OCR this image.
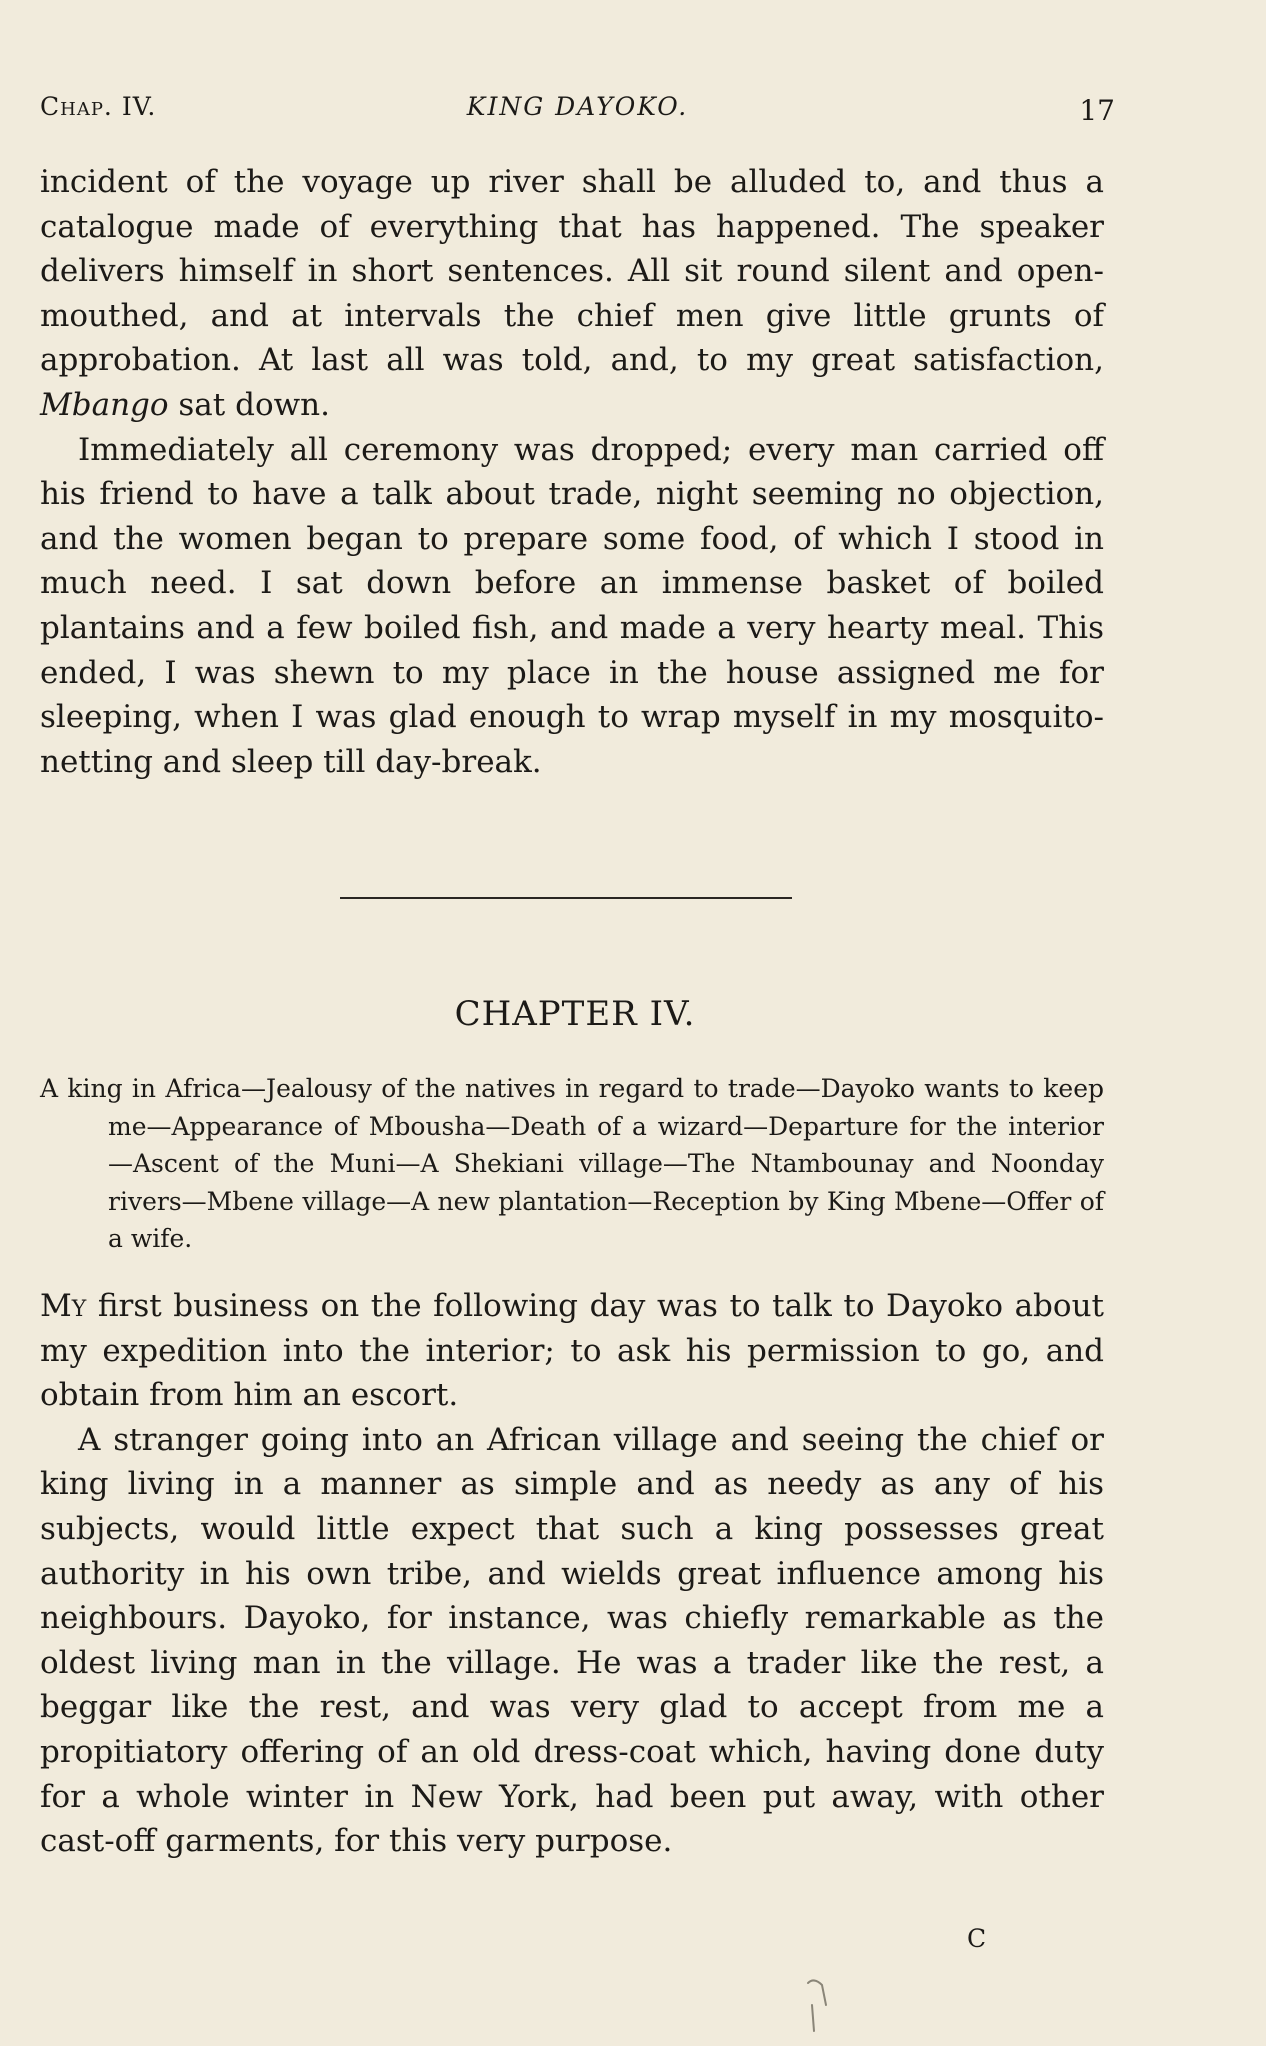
Chap. IV.	KING DAYOKO.	17

incident of the voyage up river shall be alluded to, and thus a catalogue made of everything that has happened. The speaker delivers himself in short sentences. All sit round silent and open-mouthed, and at intervals the chief men give little grunts of approbation. At last all was told, and, to my great satisfaction, Mbango sat down.

Immediately all ceremony was dropped; every man carried off his friend to have a talk about trade, night seeming no objection, and the women began to prepare some food, of which I stood in much need. I sat down before an immense basket of boiled plantains and a few boiled fish, and made a very hearty meal. This ended, I was shewn to my place in the house assigned me for sleeping, when I was glad enough to wrap myself in my mosquito-netting and sleep till day-break.

CHAPTER IV.
A king in Africa—Jealousy of the natives in regard to trade—Dayoko wants to keep me—Appearance of Mbousha—Death of a wizard—Departure for the interior—Ascent of the Muni—A Shekiani village—The Ntambounay and Noonday rivers—Mbene village—A new plantation—Reception by King Mbene—Offer of a wife.

My first business on the following day was to talk to Dayoko about my expedition into the interior; to ask his permission to go, and obtain from him an escort.

A stranger going into an African village and seeing the chief or king living in a manner as simple and as needy as any of his subjects, would little expect that such a king possesses great authority in his own tribe, and wields great influence among his neighbours. Dayoko, for instance, was chiefly remarkable as the oldest living man in the village. He was a trader like the rest, a beggar like the rest, and was very glad to accept from me a propitiatory offering of an old dress-coat which, having done duty for a whole winter in New York, had been put away, with other cast-off garments, for this very purpose.

C
